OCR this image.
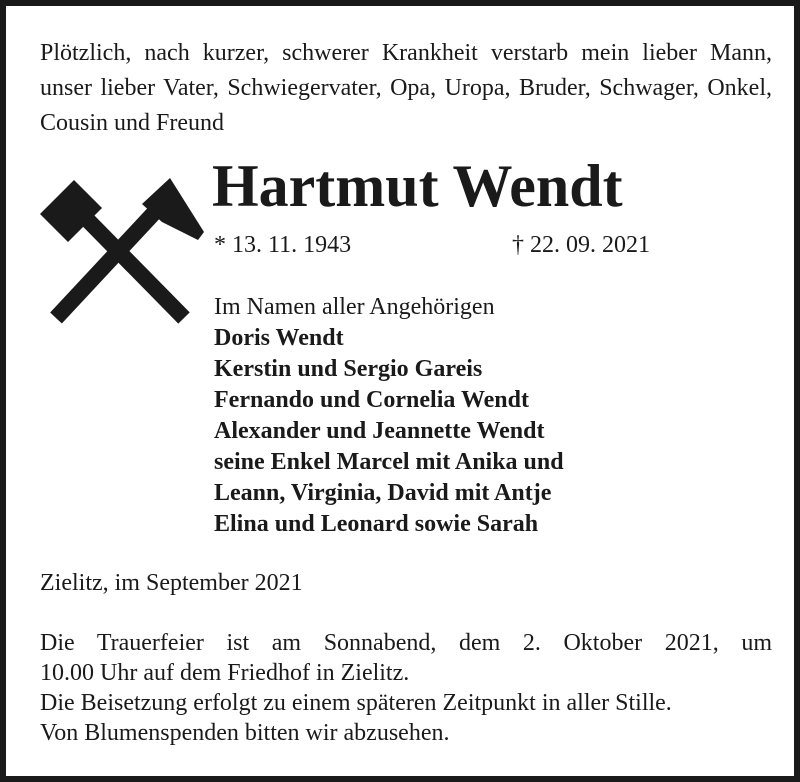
Plötzlich, nach kurzer, schwerer Krankheit verstarb mein lieber Mann, unser lieber Vater, Schwiegervater, Opa, Uropa, Bruder, Schwager, Onkel, Cousin und Freund
Hartmut Wendt
* 13. 11. 1943	† 22. 09. 2021
Im Namen aller Angehörigen
Doris Wendt
Kerstin und Sergio Gareis
Fernando und Cornelia Wendt
Alexander und Jeannette Wendt
seine Enkel Marcel mit Anika und
Leann, Virginia, David mit Antje
Elina und Leonard sowie Sarah
Zielitz, im September 2021
Die Trauerfeier ist am Sonnabend, dem 2. Oktober 2021, um
10.00 Uhr auf dem Friedhof in Zielitz.
Die Beisetzung erfolgt zu einem späteren Zeitpunkt in aller Stille.
Von Blumenspenden bitten wir abzusehen.
